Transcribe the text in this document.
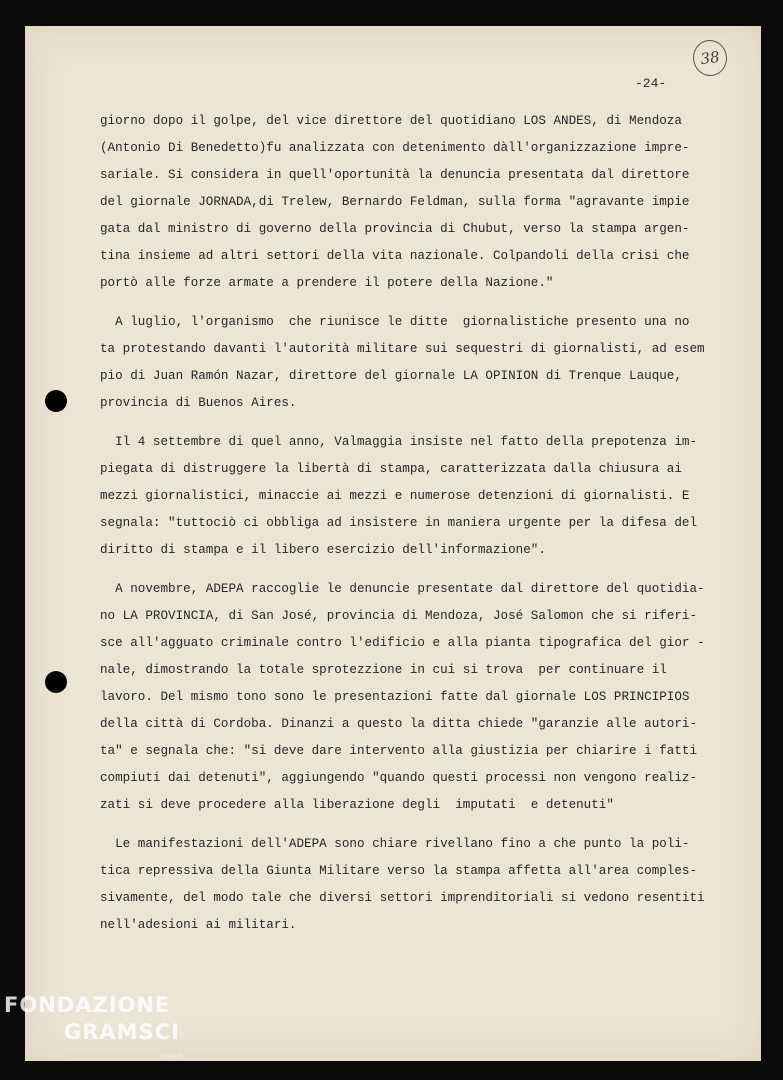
38
-24-
giorno dopo il golpe, del vice direttore del quotidiano LOS ANDES, di Mendoza
(Antonio Di Benedetto)fu analizzata con detenimento dàll'organizzazione impre-
sariale. Si considera in quell'oportunità la denuncia presentata dal direttore
del giornale JORNADA,di Trelew, Bernardo Feldman, sulla forma "agravante impie
gata dal ministro di governo della provincia di Chubut, verso la stampa argen-
tina insieme ad altri settori della vita nazionale. Colpandoli della crisi che
portò alle forze armate a prendere il potere della Nazione."
A luglio, l'organismo  che riunisce le ditte  giornalistiche presento una no
ta protestando davanti l'autorità militare sui sequestri di giornalisti, ad esem
pio di Juan Ramón Nazar, direttore del giornale LA OPINION di Trenque Lauque,
provincia di Buenos Aires.
Il 4 settembre di quel anno, Valmaggia insiste nel fatto della prepotenza im-
piegata di distruggere la libertà di stampa, caratterizzata dalla chiusura ai
mezzi giornalistici, minaccie ai mezzi e numerose detenzioni di giornalisti. E
segnala: "tuttociò ci obbliga ad insistere in maniera urgente per la difesa del
diritto di stampa e il libero esercizio dell'informazione".
A novembre, ADEPA raccoglie le denuncie presentate dal direttore del quotidia-
no LA PROVINCIA, di San José, provincia di Mendoza, José Salomon che si riferi-
sce all'agguato criminale contro l'edificio e alla pianta tipografica del gior -
nale, dimostrando la totale sprotezzione in cui si trova  per continuare il
lavoro. Del mismo tono sono le presentazioni fatte dal giornale LOS PRINCIPIOS
della città di Cordoba. Dinanzi a questo la ditta chiede "garanzie alle autori-
ta" e segnala che: "si deve dare intervento alla giustizia per chiarire i fatti
compiuti dai detenuti", aggiungendo "quando questi processi non vengono realiz-
zati si deve procedere alla liberazione degli  imputati  e detenuti"
Le manifestazioni dell'ADEPA sono chiare rivellano fino a che punto la poli-
tica repressiva della Giunta Militare verso la stampa affetta all'area comples-
sivamente, del modo tale che diversi settori imprenditoriali si vedono resentiti
nell'adesioni ai militari.
FONDAZIONE
GRAMSCI
onlus
